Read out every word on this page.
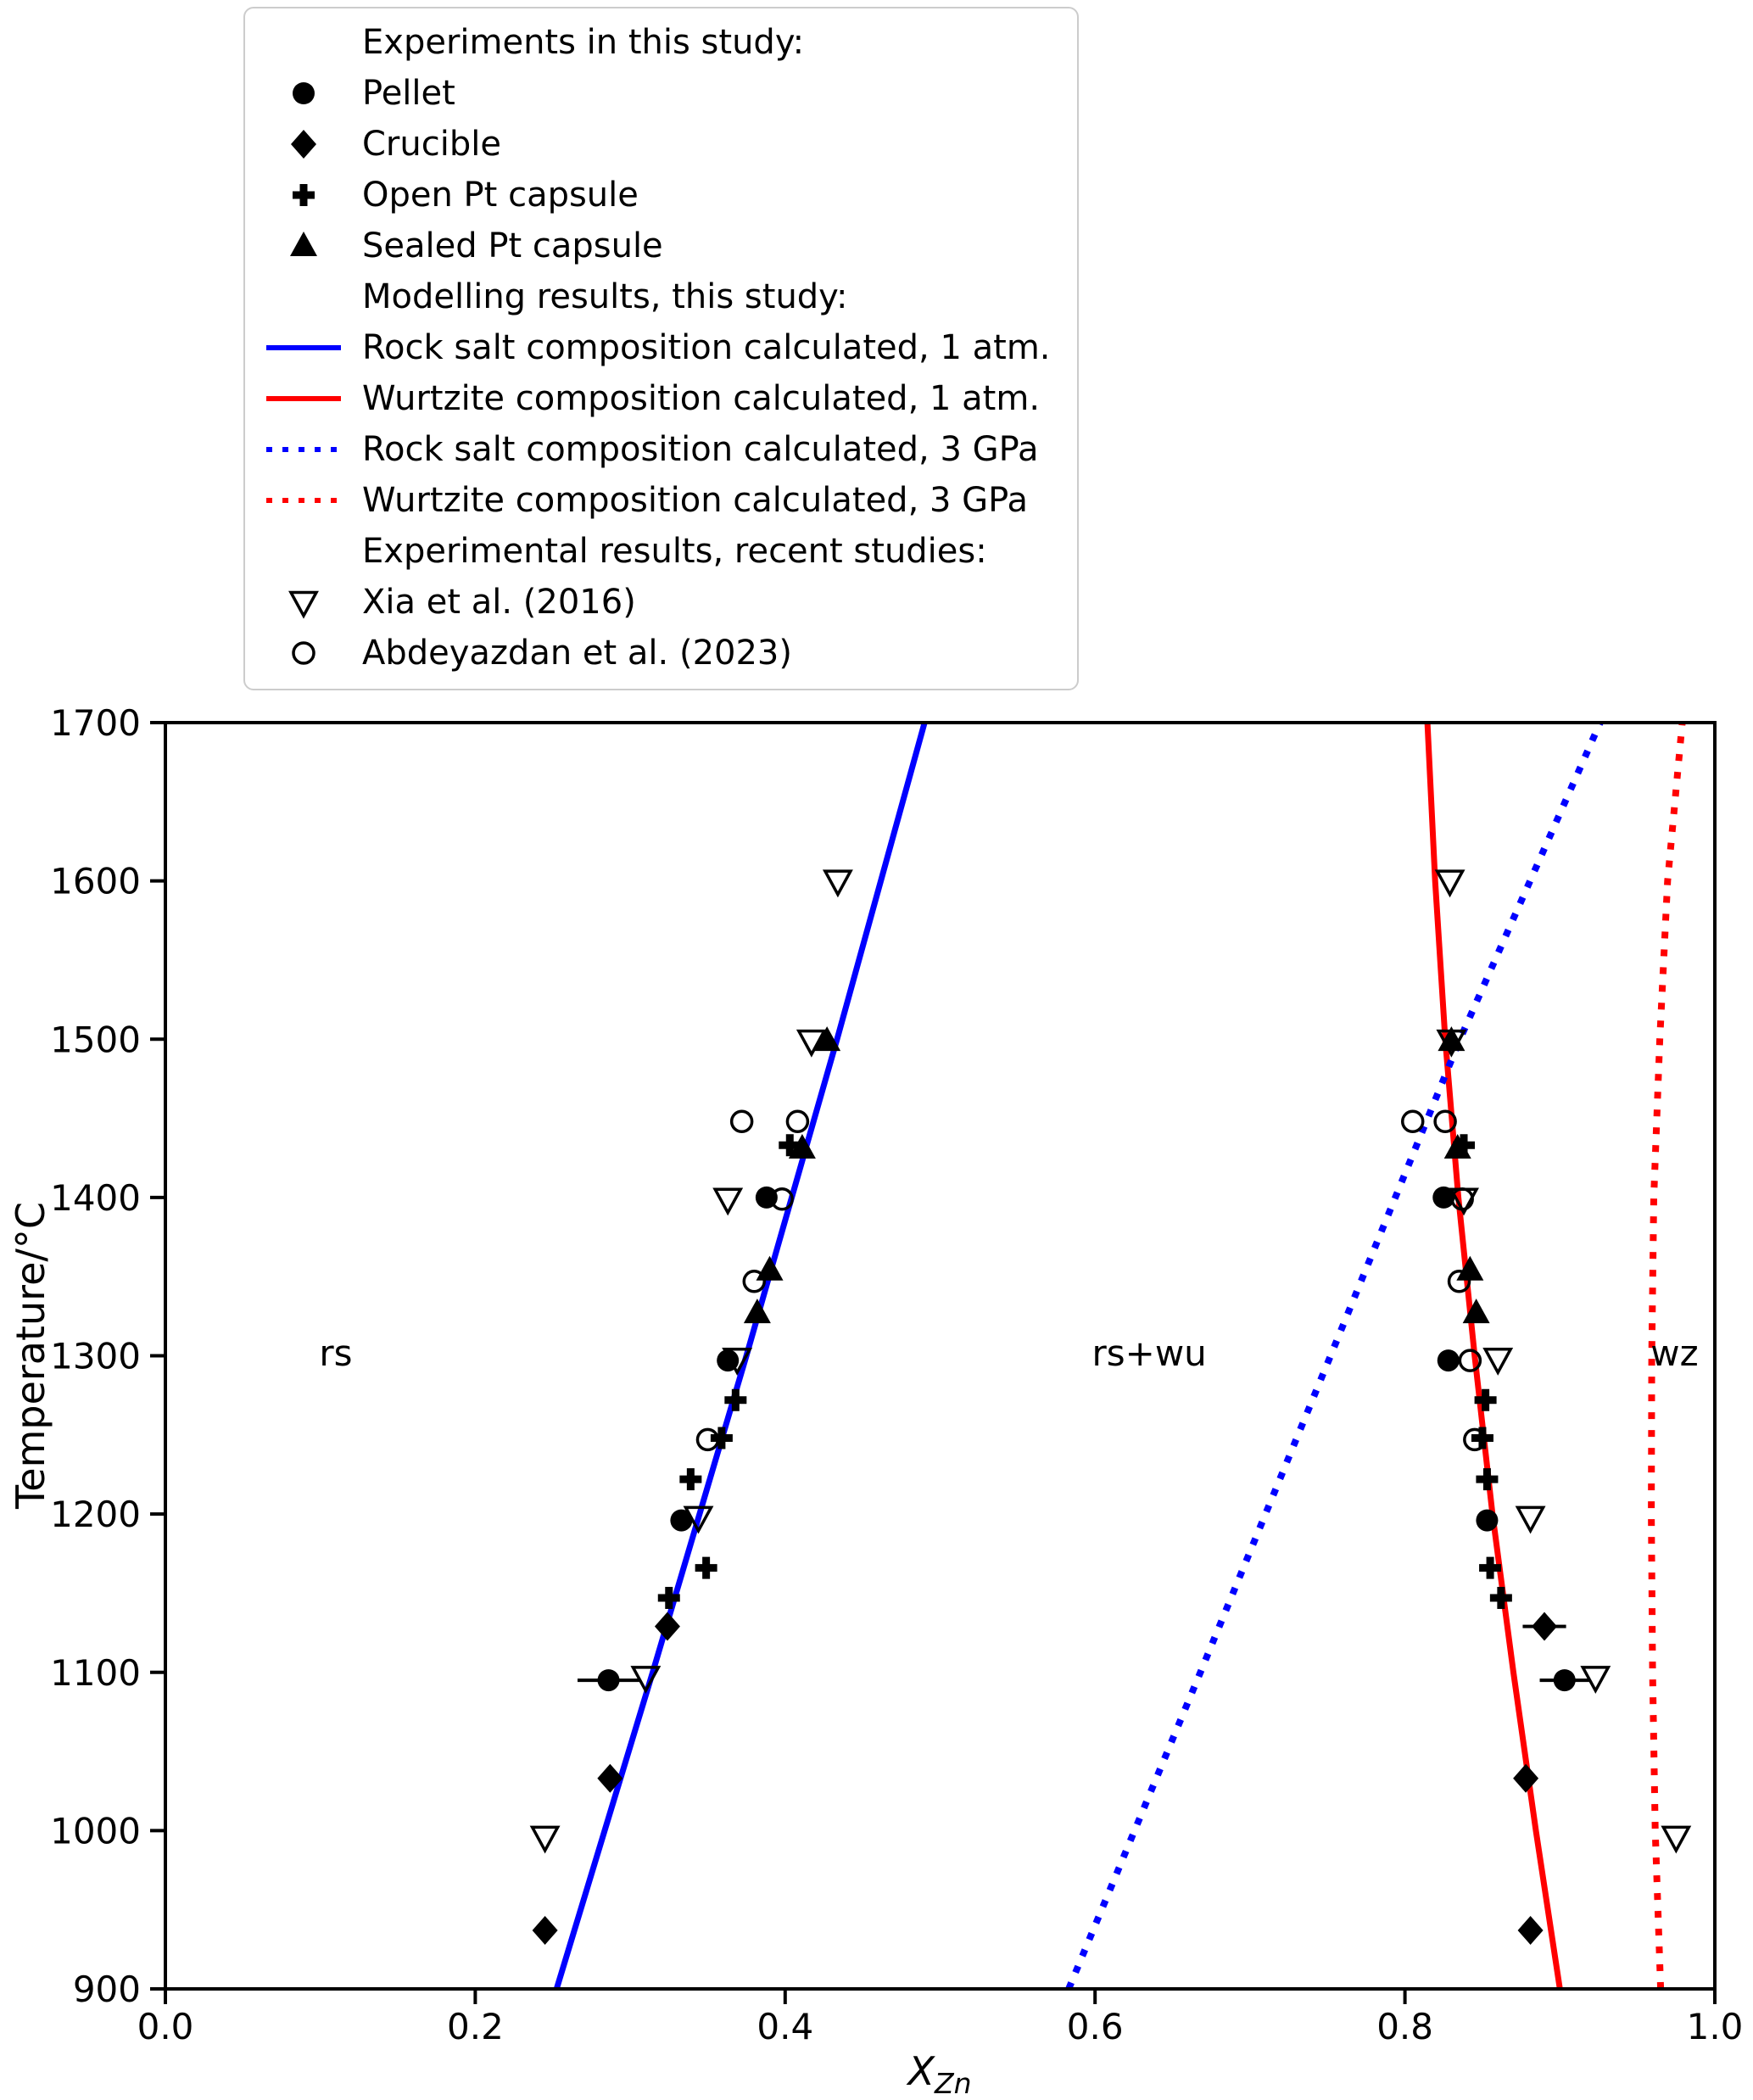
900
1000
1100
1200
1300
1400
1500
1600
1700
0.0	0.2	0.4	0.6	0.8	1.0
rs	rs+wu	wz
Temperature/°C
$X_{Zn}$
Experiments in this study:
Pellet
Crucible
Open Pt capsule
Sealed Pt capsule
Modelling results, this study:
Rock salt composition calculated, 1 atm.
Wurtzite composition calculated, 1 atm.
Rock salt composition calculated, 3 GPa
Wurtzite composition calculated, 3 GPa
Experimental results, recent studies:
Xia et al. (2016)
Abdeyazdan et al. (2023)
